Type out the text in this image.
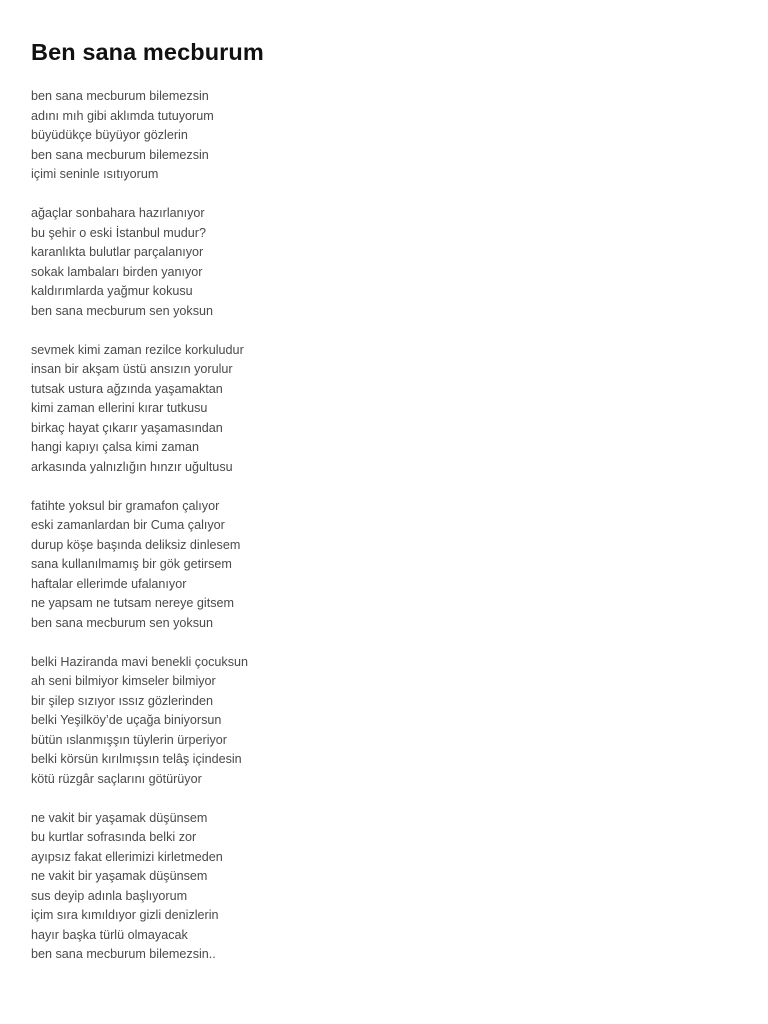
Ben sana mecburum
ben sana mecburum bilemezsin
adını mıh gibi aklımda tutuyorum
büyüdükçe büyüyor gözlerin
ben sana mecburum bilemezsin
içimi seninle ısıtıyorum
ağaçlar sonbahara hazırlanıyor
bu şehir o eski İstanbul mudur?
karanlıkta bulutlar parçalanıyor
sokak lambaları birden yanıyor
kaldırımlarda yağmur kokusu
ben sana mecburum sen yoksun
sevmek kimi zaman rezilce korkuludur
insan bir akşam üstü ansızın yorulur
tutsak ustura ağzında yaşamaktan
kimi zaman ellerini kırar tutkusu
birkaç hayat çıkarır yaşamasından
hangi kapıyı çalsa kimi zaman
arkasında yalnızlığın hınzır uğultusu
fatihte yoksul bir gramafon çalıyor
eski zamanlardan bir Cuma çalıyor
durup köşe başında deliksiz dinlesem
sana kullanılmamış bir gök getirsem
haftalar ellerimde ufalanıyor
ne yapsam ne tutsam nereye gitsem
ben sana mecburum sen yoksun
belki Haziranda mavi benekli çocuksun
ah seni bilmiyor kimseler bilmiyor
bir şilep sızıyor ıssız gözlerinden
belki Yeşilköy’de uçağa biniyorsun
bütün ıslanmışşın tüylerin ürperiyor
belki körsün kırılmışsın telâş içindesin
kötü rüzgâr saçlarını götürüyor
ne vakit bir yaşamak düşünsem
bu kurtlar sofrasında belki zor
ayıpsız fakat ellerimizi kirletmeden
ne vakit bir yaşamak düşünsem
sus deyip adınla başlıyorum
içim sıra kımıldıyor gizli denizlerin
hayır başka türlü olmayacak
ben sana mecburum bilemezsin..
